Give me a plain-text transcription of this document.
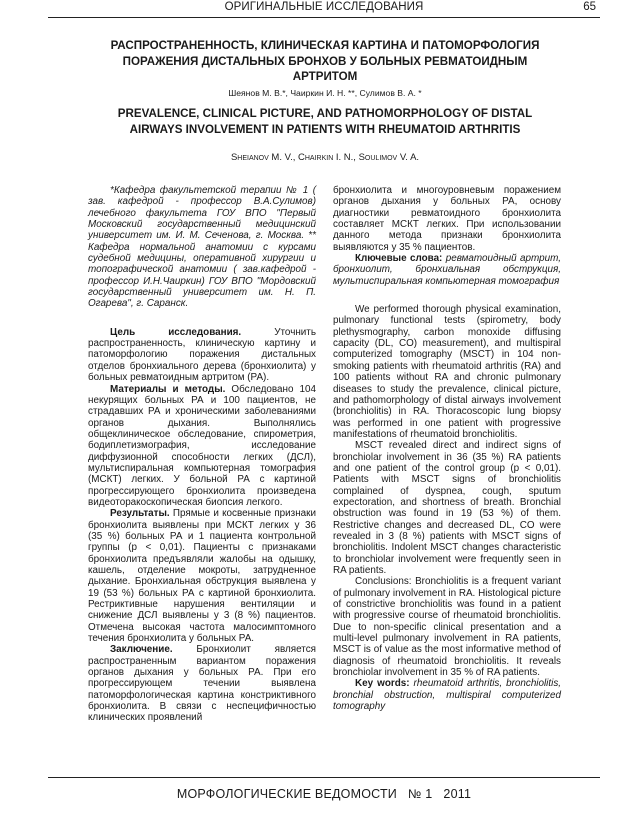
ОРИГИНАЛЬНЫЕ ИССЛЕДОВАНИЯ	65
РАСПРОСТРАНЕННОСТЬ, КЛИНИЧЕСКАЯ КАРТИНА И ПАТОМОРФОЛОГИЯ
ПОРАЖЕНИЯ ДИСТАЛЬНЫХ БРОНХОВ У БОЛЬНЫХ РЕВМАТОИДНЫМ
АРТРИТОМ
Шеянов М. В.*, Чаиркин И. Н. **, Сулимов В. А. *
PREVALENCE, CLINICAL PICTURE, AND PATHOMORPHOLOGY OF DISTAL
AIRWAYS INVOLVEMENT IN PATIENTS WITH RHEUMATOID ARTHRITIS
Sheianov M. V., Chairkin I. N., Soulimov V. A.

*Кафедра факультетской терапии № 1 ( зав. кафедрой - профессор В.А.Сулимов) лечебного факультета ГОУ ВПО "Первый Московский государственный медицинский университет им. И. М. Сеченова, г. Москва. ** Кафедра нормальной анатомии с курсами судебной медицины, оперативной хирургии и топографической анатомии ( зав.кафедрой - профессор И.Н.Чаиркин) ГОУ ВПО "Мордовский государственный университет им. Н. П. Огарева", г. Саранск.

Цель исследования. Уточнить распространенность, клиническую картину и патоморфологию поражения дистальных отделов бронхиального дерева (бронхиолита) у больных ревматоидным артритом (РА).

Материалы и методы. Обследовано 104 некурящих больных РА и 100 пациентов, не страдавших РА и хроническими заболеваниями органов дыхания. Выполнялись общеклиническое обследование, спирометрия, бодиплетизмография, исследование диффузионной способности легких (ДСЛ), мультиспиральная компьютерная томография (МСКТ) легких. У больной РА с картиной прогрессирующего бронхиолита произведена видеоторакоскопическая биопсия легкого.

Результаты. Прямые и косвенные признаки бронхиолита выявлены при МСКТ легких у 36 (35 %) больных РА и 1 пациента контрольной группы (p < 0,01). Пациенты с признаками бронхиолита предъявляли жалобы на одышку, кашель, отделение мокроты, затрудненное дыхание. Бронхиальная обструкция выявлена у 19 (53 %) больных РА с картиной бронхиолита. Рестриктивные нарушения вентиляции и снижение ДСЛ выявлены у 3 (8 %) пациентов. Отмечена высокая частота малосимптомного течения бронхиолита у больных РА.

Заключение. Бронхиолит является распространенным вариантом поражения органов дыхания у больных РА. При его прогрессирующем течении выявлена патоморфологическая картина констриктивного бронхиолита. В связи с неспецифичностью клинических проявлений

бронхиолита и многоуровневым поражением органов дыхания у больных РА, основу диагностики ревматоидного бронхиолита составляет МСКТ легких. При использовании данного метода признаки бронхиолита выявляются у 35 % пациентов.

Ключевые слова: ревматоидный артрит, бронхиолит, бронхиальная обструкция, мультиспиральная компьютерная томография

We performed thorough physical examination, pulmonary functional tests (spirometry, body plethysmography, carbon monoxide diffusing capacity (DL, CO) measurement), and multispiral computerized tomography (MSCT) in 104 non-smoking patients with rheumatoid arthritis (RA) and 100 patients without RA and chronic pulmonary diseases to study the prevalence, clinical picture, and pathomorphology of distal airways involvement (bronchiolitis) in RA. Thoracoscopic lung biopsy was performed in one patient with progressive manifestations of rheumatoid bronchiolitis.

MSCT revealed direct and indirect signs of bronchiolar involvement in 36 (35 %) RA patients and one patient of the control group (p < 0,01). Patients with MSCT signs of bronchiolitis complained of dyspnea, cough, sputum expectoration, and shortness of breath. Bronchial obstruction was found in 19 (53 %) of them. Restrictive changes and decreased DL, CO were revealed in 3 (8 %) patients with MSCT signs of bronchiolitis. Indolent MSCT changes characteristic to bronchiolar involvement were frequently seen in RA patients.

Conclusions: Bronchiolitis is a frequent variant of pulmonary involvement in RA. Histological picture of constrictive bronchiolitis was found in a patient with progressive course of rheumatoid bronchiolitis. Due to non-specific clinical presentation and a multi-level pulmonary involvement in RA patients, MSCT is of value as the most informative method of diagnosis of rheumatoid bronchiolitis. It reveals bronchiolar involvement in 35 % of RA patients.

Key words: rheumatoid arthritis, bronchiolitis, bronchial obstruction, multispiral computerized tomography

МОРФОЛОГИЧЕСКИЕ ВЕДОМОСТИ   № 1   2011
